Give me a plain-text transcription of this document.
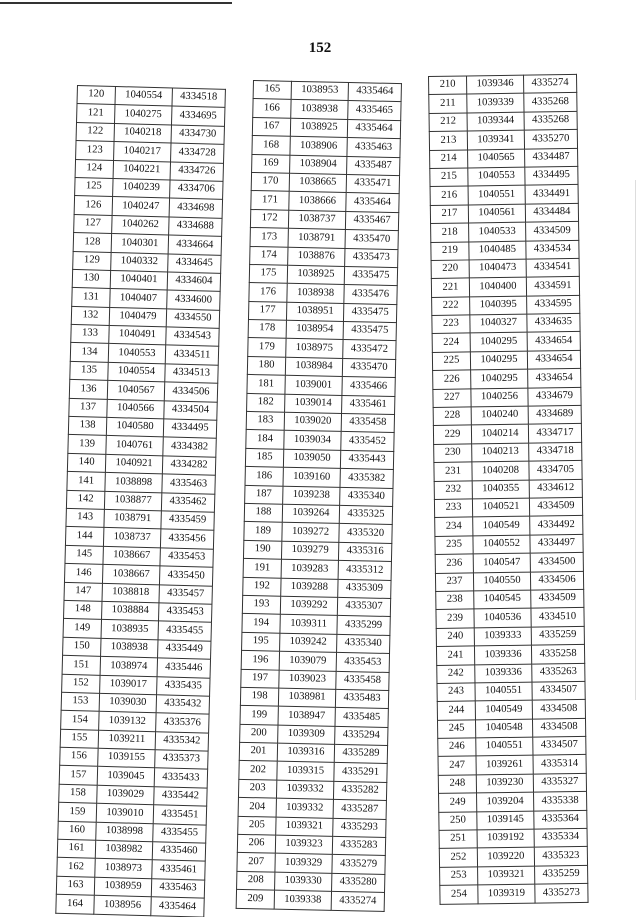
152
120	1040554	4334518
121	1040275	4334695
122	1040218	4334730
123	1040217	4334728
124	1040221	4334726
125	1040239	4334706
126	1040247	4334698
127	1040262	4334688
128	1040301	4334664
129	1040332	4334645
130	1040401	4334604
131	1040407	4334600
132	1040479	4334550
133	1040491	4334543
134	1040553	4334511
135	1040554	4334513
136	1040567	4334506
137	1040566	4334504
138	1040580	4334495
139	1040761	4334382
140	1040921	4334282
141	1038898	4335463
142	1038877	4335462
143	1038791	4335459
144	1038737	4335456
145	1038667	4335453
146	1038667	4335450
147	1038818	4335457
148	1038884	4335453
149	1038935	4335455
150	1038938	4335449
151	1038974	4335446
152	1039017	4335435
153	1039030	4335432
154	1039132	4335376
155	1039211	4335342
156	1039155	4335373
157	1039045	4335433
158	1039029	4335442
159	1039010	4335451
160	1038998	4335455
161	1038982	4335460
162	1038973	4335461
163	1038959	4335463
164	1038956	4335464
165	1038953	4335464
166	1038938	4335465
167	1038925	4335464
168	1038906	4335463
169	1038904	4335487
170	1038665	4335471
171	1038666	4335464
172	1038737	4335467
173	1038791	4335470
174	1038876	4335473
175	1038925	4335475
176	1038938	4335476
177	1038951	4335475
178	1038954	4335475
179	1038975	4335472
180	1038984	4335470
181	1039001	4335466
182	1039014	4335461
183	1039020	4335458
184	1039034	4335452
185	1039050	4335443
186	1039160	4335382
187	1039238	4335340
188	1039264	4335325
189	1039272	4335320
190	1039279	4335316
191	1039283	4335312
192	1039288	4335309
193	1039292	4335307
194	1039311	4335299
195	1039242	4335340
196	1039079	4335453
197	1039023	4335458
198	1038981	4335483
199	1038947	4335485
200	1039309	4335294
201	1039316	4335289
202	1039315	4335291
203	1039332	4335282
204	1039332	4335287
205	1039321	4335293
206	1039323	4335283
207	1039329	4335279
208	1039330	4335280
209	1039338	4335274
210	1039346	4335274
211	1039339	4335268
212	1039344	4335268
213	1039341	4335270
214	1040565	4334487
215	1040553	4334495
216	1040551	4334491
217	1040561	4334484
218	1040533	4334509
219	1040485	4334534
220	1040473	4334541
221	1040400	4334591
222	1040395	4334595
223	1040327	4334635
224	1040295	4334654
225	1040295	4334654
226	1040295	4334654
227	1040256	4334679
228	1040240	4334689
229	1040214	4334717
230	1040213	4334718
231	1040208	4334705
232	1040355	4334612
233	1040521	4334509
234	1040549	4334492
235	1040552	4334497
236	1040547	4334500
237	1040550	4334506
238	1040545	4334509
239	1040536	4334510
240	1039333	4335259
241	1039336	4335258
242	1039336	4335263
243	1040551	4334507
244	1040549	4334508
245	1040548	4334508
246	1040551	4334507
247	1039261	4335314
248	1039230	4335327
249	1039204	4335338
250	1039145	4335364
251	1039192	4335334
252	1039220	4335323
253	1039321	4335259
254	1039319	4335273
